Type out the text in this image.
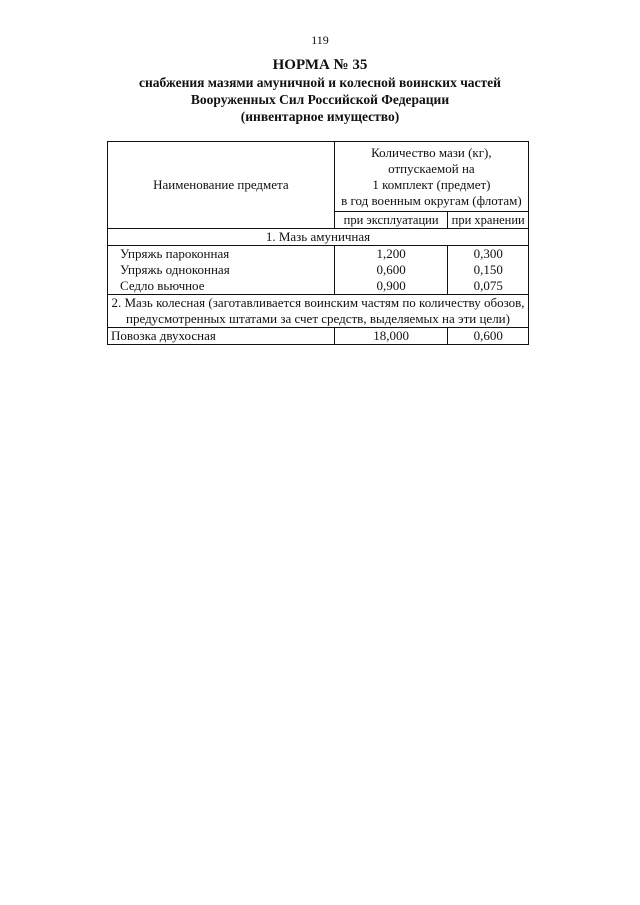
119
НОРМА № 35
снабжения мазями амуничной и колесной воинских частей
Вооруженных Сил Российской Федерации
(инвентарное имущество)
Наименование предмета	Количество мази (кг),
отпускаемой на
1 комплект (предмет)
в год военным округам (флотам)	

	при эксплуатации	при хранении
1. Мазь амуничная		
Упряжь пароконная	1,200	0,300
Упряжь одноконная	0,600	0,150
Седло вьючное	0,900	0,075

2. Мазь колесная (заготавливается воинским частям по количеству обозов,
предусмотренных штатами за счет средств, выделяемых на эти цели)		

Повозка двухосная	18,000	0,600
